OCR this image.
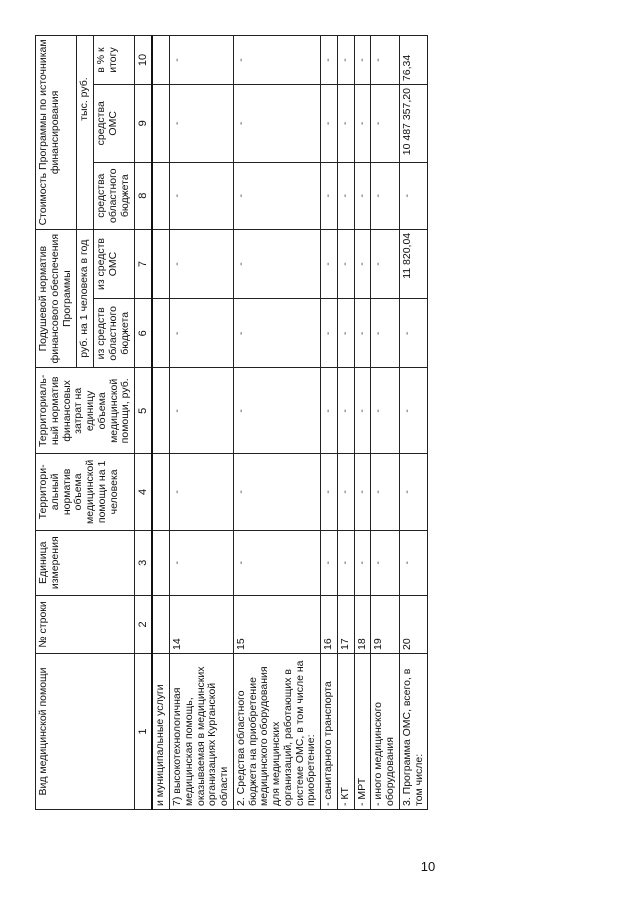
10
Вид медицинской помощи	№ строки	Единица измерения	Территори-альный норматив объема медицинской помощи на 1 человека	Территориаль-ный норматив финансовых затрат на единицу объема медицинской помощи, руб.	Подушевой норматив финансового обеспечения Программы		Стоимость Программы по источникам финансирования		
					руб. на 1 человека в год			тыс. руб.	
					из средств областного бюджета	из средств ОМС	средства областного бюджета	средства ОМС	в % к итогу
1	2	3	4	5	6	7	8	9	10
и муниципальные услуги									
7) высокотехнологичная медицинская помощь, оказываемая в медицинских организациях Курганской области	14	-	-	-	-	-	-	-	-
2. Средства областного бюджета на приобретение медицинского оборудования для медицинских организаций, работающих в системе ОМС, в том числе на приобретение:	15	-	-	-	-	-	-	-	-
- санитарного транспорта	16	-	-	-	-	-	-	-	-
- КТ	17	-	-	-	-	-	-	-	-
- МРТ	18	-	-	-	-	-	-	-	-
- иного медицинского оборудования	19	-	-	-	-	-	-	-	-
3. Программа ОМС, всего, в том числе:	20	-	-	-	-	11 820,04	-	10 487 357,20	76,34
